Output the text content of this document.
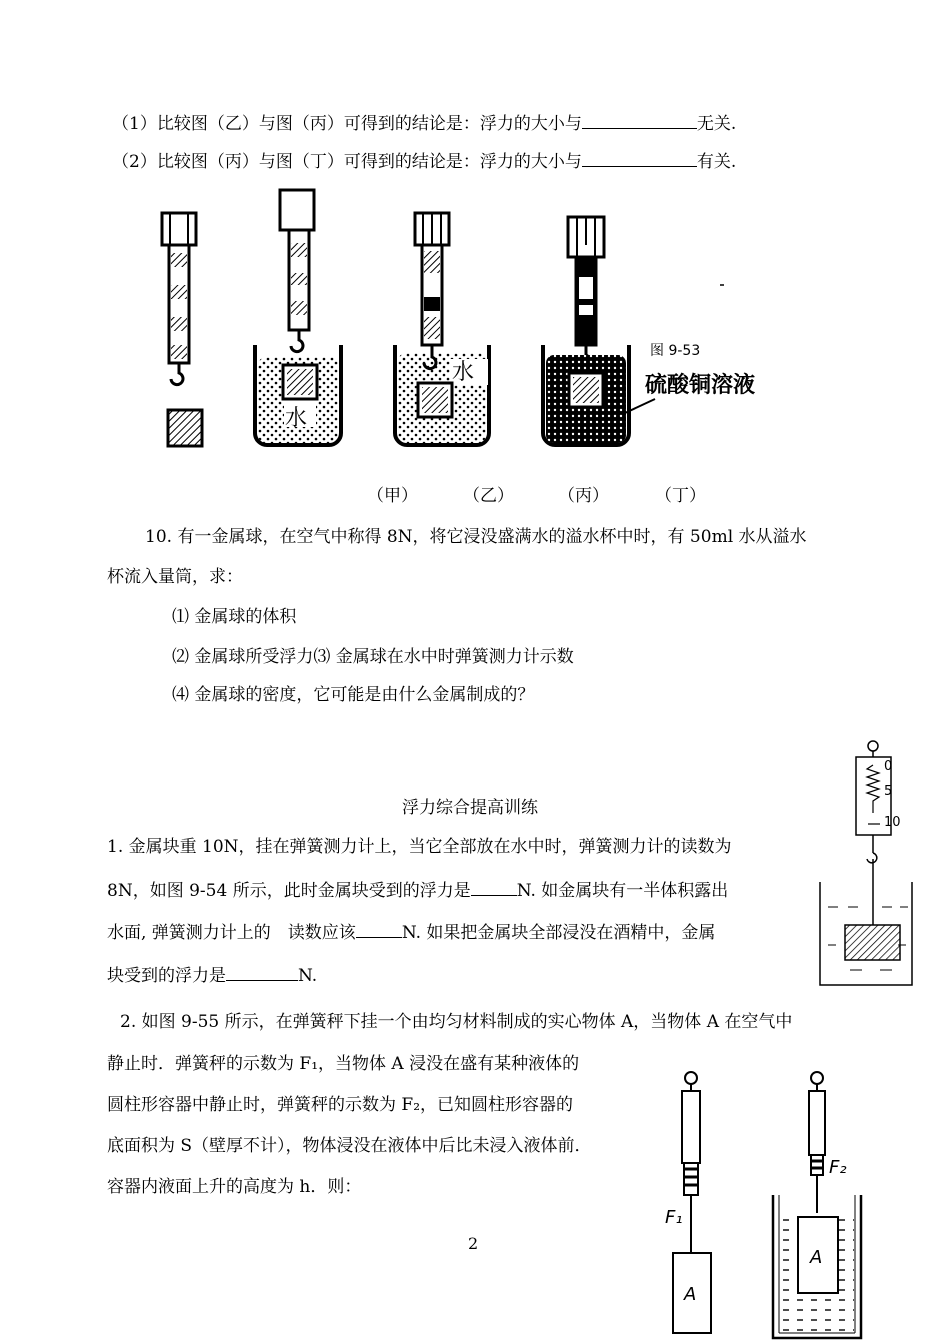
（1）比较图（乙）与图（丙）可得到的结论是：浮力的大小与	无关.
（2）比较图（丙）与图（丁）可得到的结论是：浮力的大小与	有关.
图 9-53
水
水
硫酸铜溶液
（甲）	（乙）	（丙）	（丁）
10. 有一金属球，在空气中称得 8N，将它浸没盛满水的溢水杯中时，有 50ml 水从溢水
杯流入量筒，求：
⑴ 金属球的体积
⑵ 金属球所受浮力⑶ 金属球在水中时弹簧测力计示数
⑷ 金属球的密度，它可能是由什么金属制成的？
浮力综合提高训练
1. 金属块重 10N，挂在弹簧测力计上，当它全部放在水中时，弹簧测力计的读数为
8N，如图 9-54 所示，此时金属块受到的浮力是	N. 如金属块有一半体积露出
水面, 弹簧测力计上的　读数应该	N. 如果把金属块全部浸没在酒精中，金属
块受到的浮力是	N.
0
5
10
2. 如图 9-55 所示，在弹簧秤下挂一个由均匀材料制成的实心物体 A，当物体 A 在空气中
静止时．弹簧秤的示数为 F₁，当物体 A 浸没在盛有某种液体的
圆柱形容器中静止时，弹簧秤的示数为 F₂，已知圆柱形容器的
底面积为 S（壁厚不计），物体浸没在液体中后比未浸入液体前．
容器内液面上升的高度为 h．则：
F₁
A
F₂
A
2
